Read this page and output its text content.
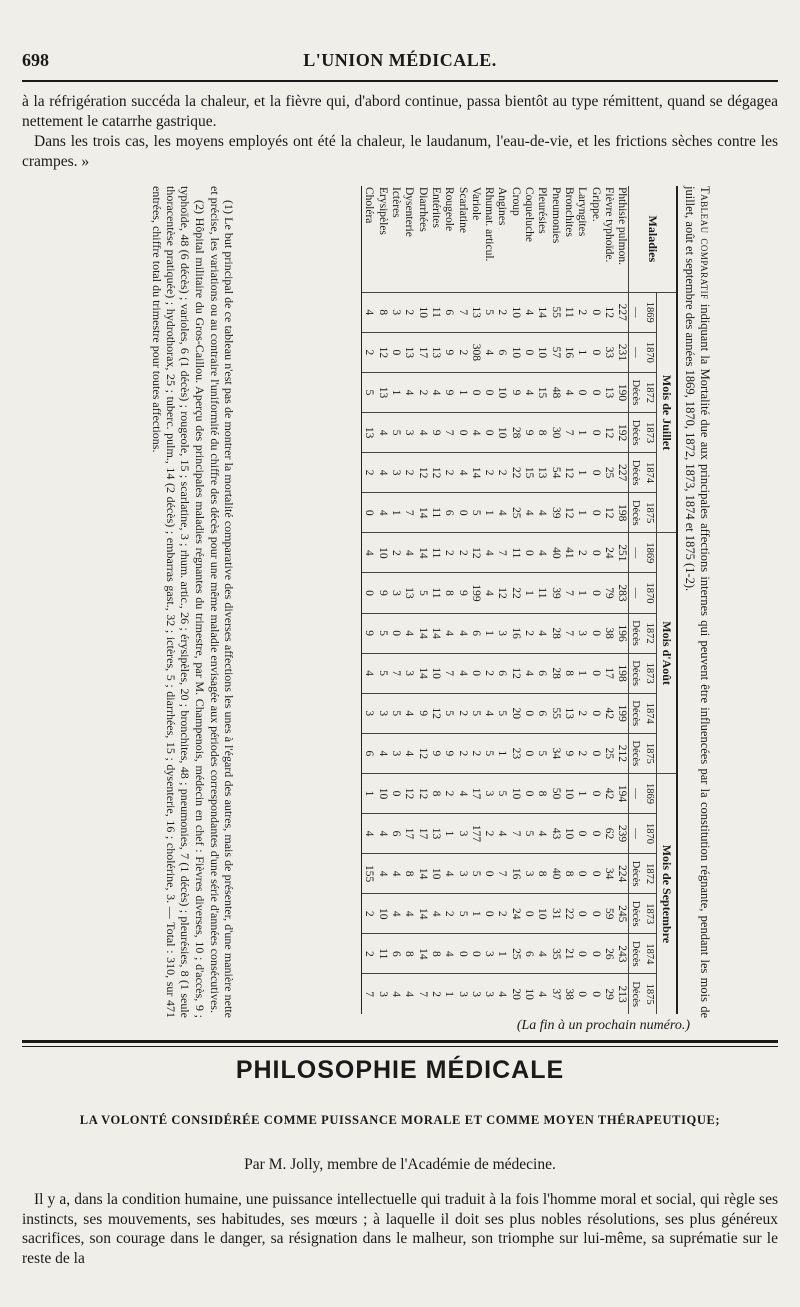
698	L'UNION MÉDICALE.
à la réfrigération succéda la chaleur, et la fièvre qui, d'abord continue, passa bientôt au type rémittent, quand se dégagea nettement le catarrhe gastrique.
Dans les trois cas, les moyens employés ont été la chaleur, le laudanum, l'eau-de-vie, et les frictions sèches contre les crampes. »
Tableau comparatif indiquant la Mortalité due aux principales affections internes qui peuvent être influencées par la constitution régnante, pendant les mois de juillet, août et septembre des années 1869, 1870, 1872, 1873, 1874 et 1875 (1-2).
Maladies	Mois de Juillet						Mois d'Août						Mois de Septembre					
	1869	1870	1872	1873	1874	1875	1869	1870	1872	1873	1874	1875	1869	1870	1872	1873	1874	1875
	—	—	Décès	Décès	Décès	Décès	—	—	Décès	Décès	Décès	Décès	—	—	Décès	Décès	Décès	Décès
Phthisie pulmon.	227	231	190	192	227	198	251	283	196	198	199	212	194	239	224	245	243	213
Fièvre typhoïde.	12	33	13	12	25	12	24	79	38	17	42	25	42	62	34	59	26	29
Grippe.	0	0	0	0	0	0	0	0	0	0	0	0	0	0	0	0	0	0
Laryngites	2	1	0	1	1	1	2	1	3	1	2	2	1	0	0	0	0	0
Bronchites	11	16	4	7	12	12	41	7	7	8	13	9	10	10	8	22	21	38
Pneumonies	55	57	48	30	54	39	40	39	28	28	55	34	50	43	40	31	35	37
Pleurésies	14	10	15	8	13	4	4	11	4	6	6	5	8	4	8	10	4	4
Coqueluche	4	0	4	9	15	4	0	1	2	4	0	0	0	5	3	0	6	10
Croup	10	10	9	28	22	25	11	22	16	12	20	23	10	7	16	24	25	20
Angines	2	6	10	10	2	4	7	12	3	6	5	1	5	4	7	2	1	4
Rhumat. articul.	5	4	0	0	2	1	4	4	1	2	4	5	3	2	0	0	3	3
Variole	13	308	0	4	14	5	12	199	6	0	5	2	17	177	5	1	0	3
Scarlatine	7	2	1	0	4	0	2	9	4	4	2	2	4	3	3	5	0	3
Rougeole	6	9	9	7	2	6	2	8	4	7	5	9	2	1	4	2	4	1
Entérites	11	13	4	9	12	11	11	11	14	10	12	9	8	13	10	4	8	2
Diarrhées	10	17	2	4	12	14	14	5	14	14	9	12	12	17	14	14	14	7
Dysenterie	2	13	4	3	2	7	4	13	4	3	4	4	12	17	8	4	8	4
Ictères	3	0	1	5	3	1	2	3	0	7	5	3	0	6	4	4	6	4
Erysipèles	8	12	13	4	4	4	10	9	5	5	3	4	10	4	4	10	11	3
Choléra	4	2	5	13	2	0	4	0	9	4	3	6	1	4	155	2	2	7

(1) Le but principal de ce tableau n'est pas de montrer la mortalité comparative des diverses affections les unes à l'égard des autres, mais de présenter, d'une manière nette et précise, les variations ou au contraire l'uniformité du chiffre des décès pour une même maladie envisagée aux périodes correspondantes d'une série d'années consécutives.

(2) Hôpital militaire du Gros-Caillou. Aperçu des principales maladies régnantes du trimestre, par M. Champenois, médecin en chef : Fièvres diverses, 10 ; d'accès, 9 ; typhoïde, 48 (6 décès) ; varioles, 6 (1 décès) ; rougeole, 15 ; scarlatine, 3 ; rhum. artic., 26 ; érysipèles, 20 ; bronchites, 48 ; pneumonies, 7 (1 décès) ; pleurésies, 8 (1 seule thoracentèse pratiquée) ; hydrothorax, 25 ; tuberc. pulm., 14 (2 décès) ; embarras gast., 32 ; ictères, 5 ; diarrhées, 15 ; dysenterie, 16 ; cholérine, 3. — Total : 310, sur 471 entrées, chiffre total du trimestre pour toutes affections.

(La fin à un prochain numéro.)
PHILOSOPHIE MÉDICALE
LA VOLONTÉ CONSIDÉRÉE COMME PUISSANCE MORALE ET COMME MOYEN THÉRAPEUTIQUE;
Par M. Jolly, membre de l'Académie de médecine.
Il y a, dans la condition humaine, une puissance intellectuelle qui traduit à la fois l'homme moral et social, qui règle ses instincts, ses mouvements, ses habitudes, ses mœurs ; à laquelle il doit ses plus nobles résolutions, ses plus généreux sacrifices, son courage dans le danger, sa résignation dans le malheur, son triomphe sur lui-même, sa suprématie sur le reste de la
